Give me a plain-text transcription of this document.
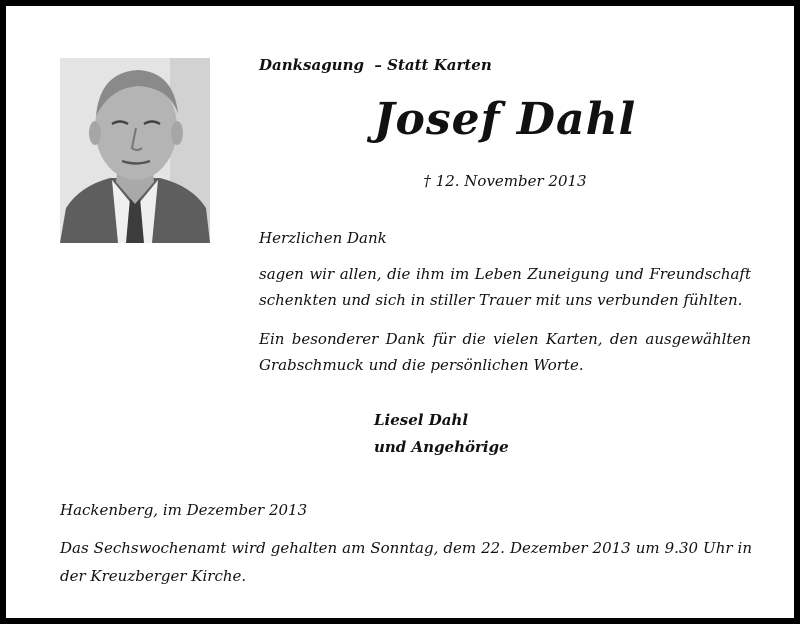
Danksagung  – Statt Karten
Josef Dahl
† 12. November 2013
Herzlichen Dank
sagen wir allen, die ihm im Leben Zuneigung und Freundschaft schenkten und sich in stiller Trauer mit uns verbunden fühlten.
Ein besonderer Dank für die vielen Karten, den ausgewählten Grabschmuck und die persönlichen Worte.
Liesel Dahl
und Angehörige
Hackenberg, im Dezember 2013
Das Sechswochenamt wird gehalten am Sonntag, dem 22. Dezember 2013 um 9.30 Uhr in der Kreuzberger Kirche.
